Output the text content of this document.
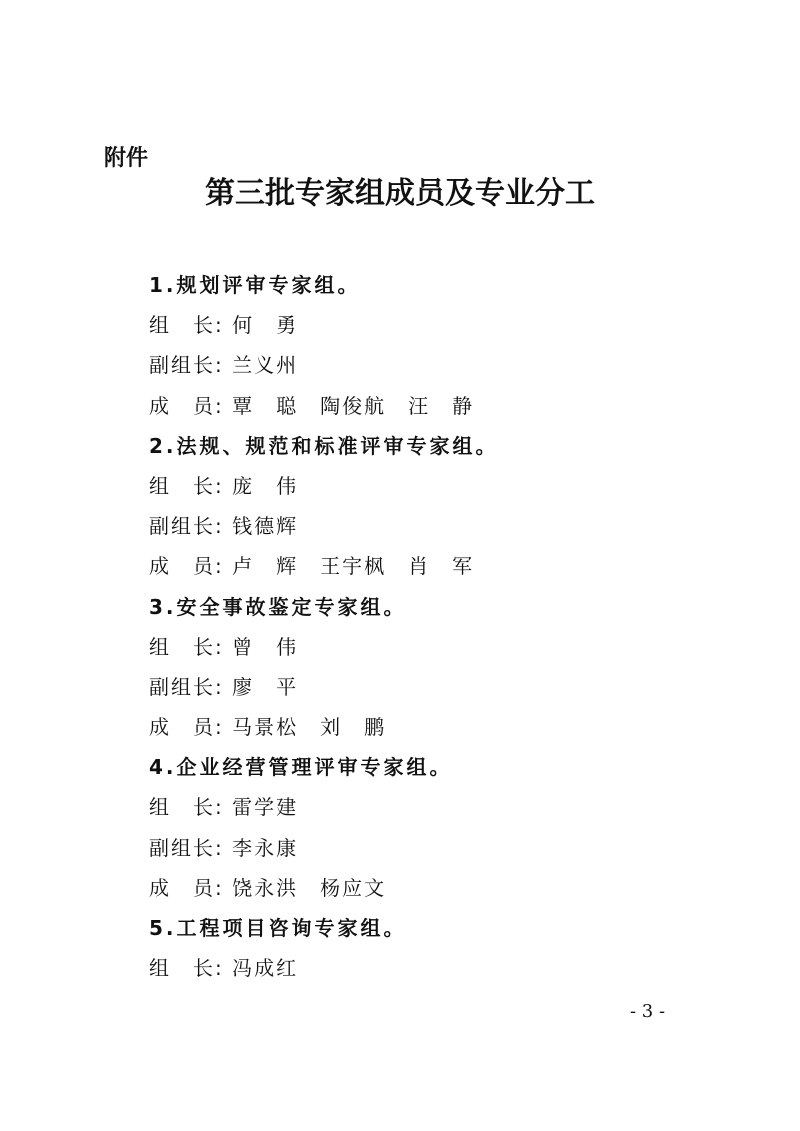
附件
第三批专家组成员及专业分工
1.规划评审专家组。
组　长: 何　勇
副组长: 兰义州
成　员: 覃　聪　陶俊航　汪　静
2.法规、规范和标准评审专家组。
组　长: 庞　伟
副组长: 钱德辉
成　员: 卢　辉　王宇枫　肖　军
3.安全事故鉴定专家组。
组　长: 曾　伟
副组长: 廖　平
成　员: 马景松　刘　鹏
4.企业经营管理评审专家组。
组　长: 雷学建
副组长: 李永康
成　员: 饶永洪　杨应文
5.工程项目咨询专家组。
组　长: 冯成红
- 3 -
